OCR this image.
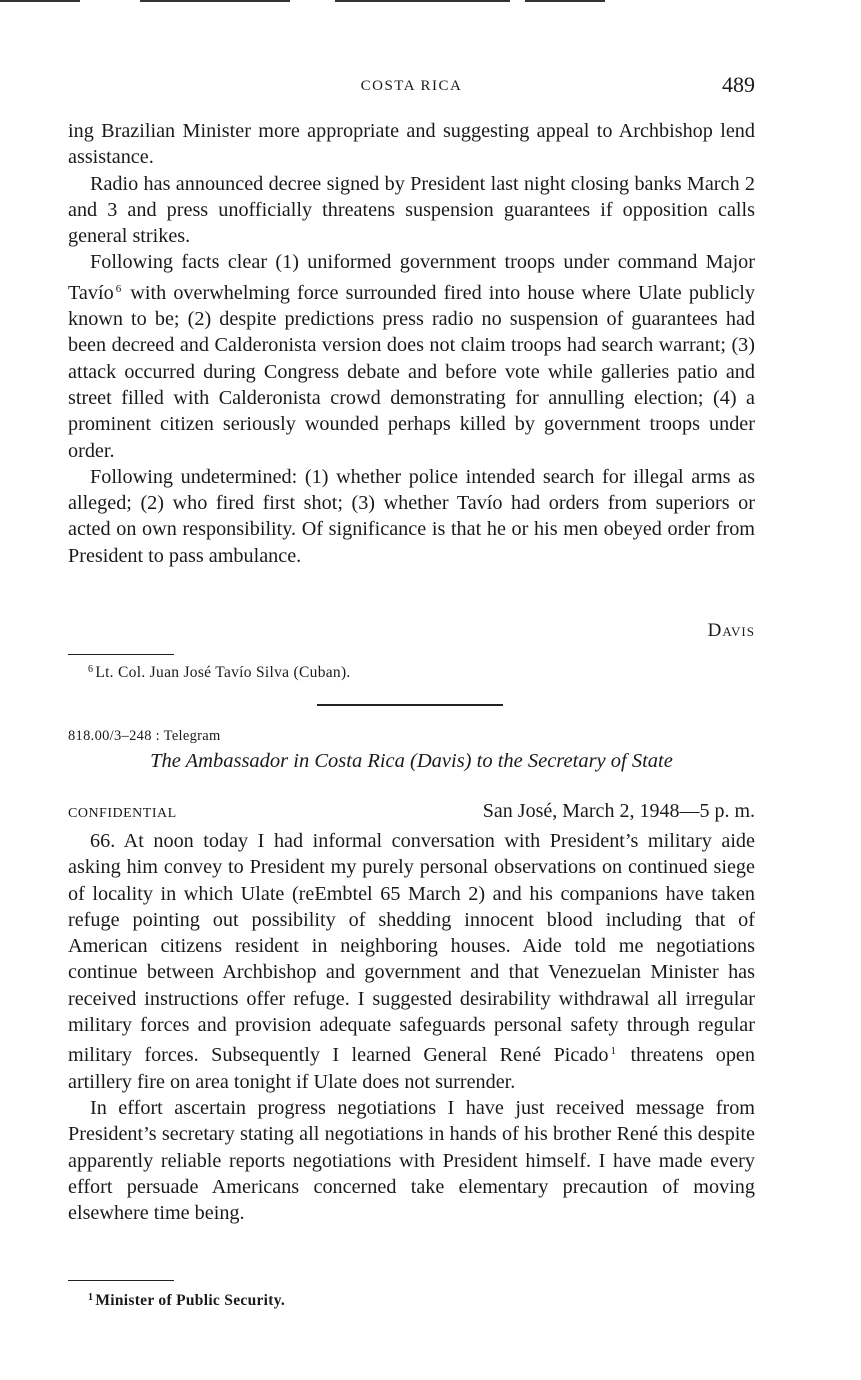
COSTA RICA	489

ing Brazilian Minister more appropriate and suggesting appeal to Archbishop lend assistance.

Radio has announced decree signed by President last night closing banks March 2 and 3 and press unofficially threatens suspension guarantees if opposition calls general strikes.

Following facts clear (1) uniformed government troops under command Major Tavío $^6$ with overwhelming force surrounded fired into house where Ulate publicly known to be; (2) despite predictions press radio no suspension of guarantees had been decreed and Calderonista version does not claim troops had search warrant; (3) attack occurred during Congress debate and before vote while galleries patio and street filled with Calderonista crowd demonstrating for annulling election; (4) a prominent citizen seriously wounded perhaps killed by government troops under order.

Following undetermined: (1) whether police intended search for illegal arms as alleged; (2) who fired first shot; (3) whether Tavío had orders from superiors or acted on own responsibility. Of significance is that he or his men obeyed order from President to pass ambulance.

Davis
$^6$ Lt. Col. Juan José Tavío Silva (Cuban).
818.00/3–248 : Telegram
The Ambassador in Costa Rica (Davis) to the Secretary of State
CONFIDENTIAL	San José, March 2, 1948—5 p. m.

66. At noon today I had informal conversation with President’s military aide asking him convey to President my purely personal observations on continued siege of locality in which Ulate (reEmbtel 65 March 2) and his companions have taken refuge pointing out possibility of shedding innocent blood including that of American citizens resident in neighboring houses. Aide told me negotiations continue between Archbishop and government and that Venezuelan Minister has received instructions offer refuge. I suggested desirability withdrawal all irregular military forces and provision adequate safeguards personal safety through regular military forces. Subsequently I learned General René Picado $^1$ threatens open artillery fire on area tonight if Ulate does not surrender.

In effort ascertain progress negotiations I have just received message from President’s secretary stating all negotiations in hands of his brother René this despite apparently reliable reports negotiations with President himself. I have made every effort persuade Americans concerned take elementary precaution of moving elsewhere time being.

$^1$ Minister of Public Security.
